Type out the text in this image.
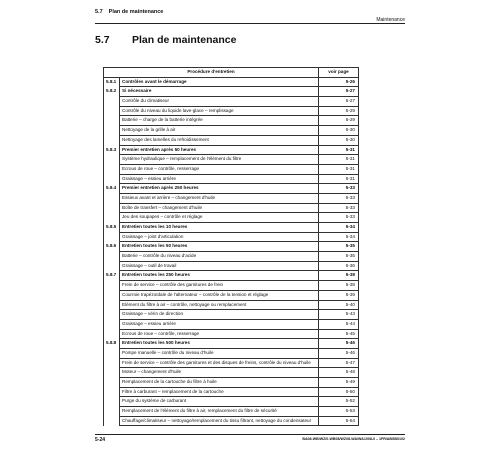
5.7 Plan de maintenance
Maintenance
5.7 Plan de maintenance
Procédure d'entretien		voir page
5.8.1	Contrôles avant le démarrage	5-26
5.8.2	Si nécessaire	5-27
	Contrôle du climatiseur	5-27
	Contrôle du niveau du liquide lave-glace – remplissage	5-29
	Batterie – charge de la batterie intégrée	5-29
	Nettoyage de la grille à air	5-30
	Nettoyage des lamelles du refroidissement	5-30
5.8.3	Premier entretien après 50 heures	5-31
	Système hydraulique – remplacement de l'élément du filtre	5-31
	Ecrous de roue – contrôle, resserrage	5-31
	Graissage – essieu arrière	5-31
5.8.4	Premier entretien après 250 heures	5-33
	Essieux avant et arrière – changement d'huile	5-33
	Boîte de transfert – changement d'huile	5-33
	Jeu des soupapes – contrôle et réglage	5-33
5.8.5	Entretien toutes les 10 heures	5-34
	Graissage – joint d'articulation	5-34
5.8.6	Entretien toutes les 50 heures	5-35
	Batterie – contrôle du niveau d'acide	5-35
	Graissage – outil de travail	5-36
5.8.7	Entretien toutes les 250 heures	5-38
	Frein de service – contrôle des garnitures de frein	5-38
	Courroie trapézoïdale de l'alternateur – contrôle de la tension et réglage	5-39
	Elément du filtre à air – contrôle, nettoyage ou remplacement	5-40
	Graissage – vérin de direction	5-43
	Graissage – essieu arrière	5-44
	Ecrous de roue – contrôle, resserrage	5-45
5.8.8	Entretien toutes les 500 heures	5-46
	Pompe manuelle – contrôle du niveau d'huile	5-46
	Frein de service – contrôle des garnitures et des disques de freins, contrôle du niveau d'huile	5-47
	Moteur – changement d'huile	5-48
	Remplacement de la cartouche du filtre à huile	5-49
	Filtre à carburant – remplacement de la cartouche	5-50
	Purge du système de carburant	5-52
	Remplacement de l'élément du filtre à air, remplacement du filtre de sécurité	5-53
	Chauffage/climatiseur – nettoyage/remplacement du tissu filtrant, nettoyage du condensateur	5-54
5-24	BA08-WB/WZ/0-WB08/WZ08-WA/WA1008-0 – 1FR/ABSB0102
